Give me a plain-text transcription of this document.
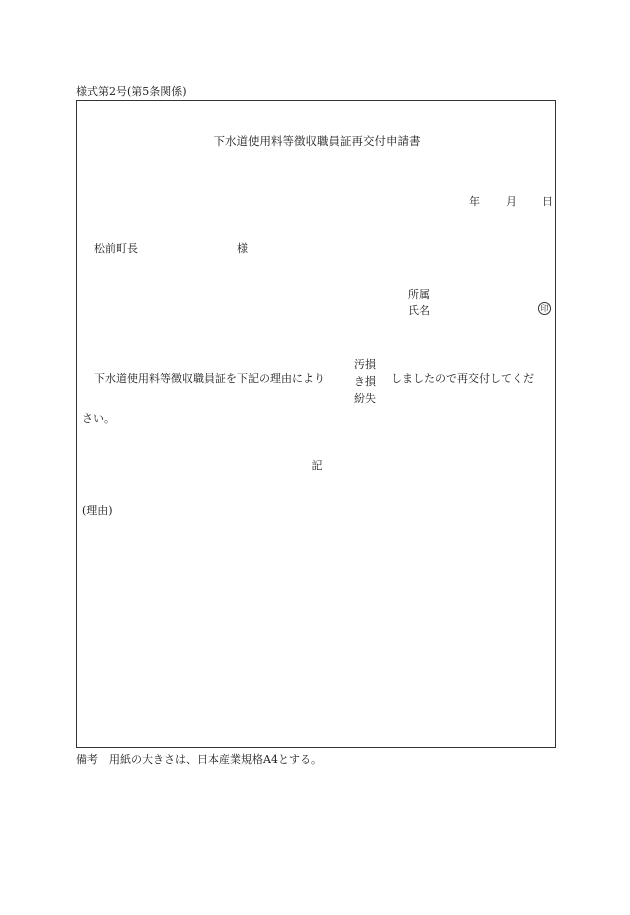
様式第2号(第5条関係)
下水道使用料等徴収職員証再交付申請書
年 月 日
松前町長	様
所属
氏名	印
下水道使用料等徴収職員証を下記の理由により
汚損
き損
紛失
しましたので再交付してくだ
さい。
記
(理由)
備考　用紙の大きさは、日本産業規格A4とする。
